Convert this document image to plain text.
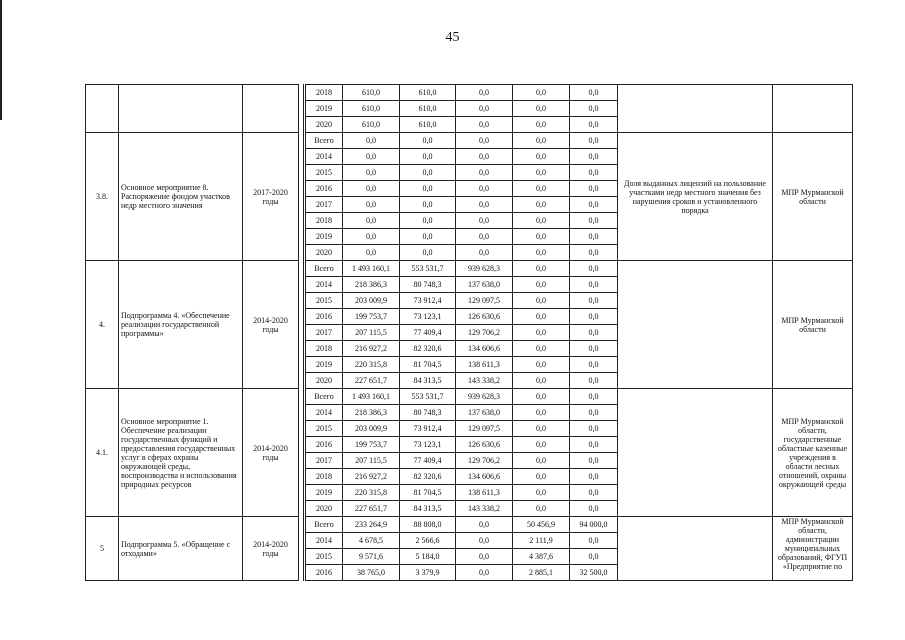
45
				2018	610,0	610,0	0,0	0,0	0,0		
				2019	610,0	610,0	0,0	0,0	0,0		
				2020	610,0	610,0	0,0	0,0	0,0		
3.8.	Основное мероприятие 8. Распоряжение фондом участков недр местного значения	2017-2020 годы		Всего	0,0	0,0	0,0	0,0	0,0	Доля выданных лицензий на пользование участками недр местного значения без нарушения сроков и установленного порядка	МПР Мурманской области
				2014	0,0	0,0	0,0	0,0	0,0		
				2015	0,0	0,0	0,0	0,0	0,0		
				2016	0,0	0,0	0,0	0,0	0,0		
				2017	0,0	0,0	0,0	0,0	0,0		
				2018	0,0	0,0	0,0	0,0	0,0		
				2019	0,0	0,0	0,0	0,0	0,0		
				2020	0,0	0,0	0,0	0,0	0,0		
4.	Подпрограмма 4. «Обеспечение реализации государственной программы»	2014-2020 годы		Всего	1 493 160,1	553 531,7	939 628,3	0,0	0,0		МПР Мурманской области
				2014	218 386,3	80 748,3	137 638,0	0,0	0,0		
				2015	203 009,9	73 912,4	129 097,5	0,0	0,0		
				2016	199 753,7	73 123,1	126 630,6	0,0	0,0		
				2017	207 115,5	77 409,4	129 706,2	0,0	0,0		
				2018	216 927,2	82 320,6	134 606,6	0,0	0,0		
				2019	220 315,8	81 704,5	138 611,3	0,0	0,0		
				2020	227 651,7	84 313,5	143 338,2	0,0	0,0		
4.1.	Основное мероприятие 1. Обеспечение реализации государственных функций и предоставления государственных услуг в сферах охраны окружающей среды, воспроизводства и использования природных ресурсов	2014-2020 годы		Всего	1 493 160,1	553 531,7	939 628,3	0,0	0,0		МПР Мурманской области, государственные областные казенные учреждения в области лесных отношений, охраны окружающей среды
				2014	218 386,3	80 748,3	137 638,0	0,0	0,0		
				2015	203 009,9	73 912,4	129 097,5	0,0	0,0		
				2016	199 753,7	73 123,1	126 630,6	0,0	0,0		
				2017	207 115,5	77 409,4	129 706,2	0,0	0,0		
				2018	216 927,2	82 320,6	134 606,6	0,0	0,0		
				2019	220 315,8	81 704,5	138 611,3	0,0	0,0		
				2020	227 651,7	84 313,5	143 338,2	0,0	0,0		
5	Подпрограмма 5. «Обращение с отходами»	2014-2020 годы		Всего	233 264,9	88 808,0	0,0	50 456,9	94 000,0		МПР Мурманской области, администрации муниципальных образований, ФГУП «Предприятие по
				2014	4 678,5	2 566,6	0,0	2 111,9	0,0		
				2015	9 571,6	5 184,0	0,0	4 387,6	0,0		
				2016	38 765,0	3 379,9	0,0	2 885,1	32 500,0		
